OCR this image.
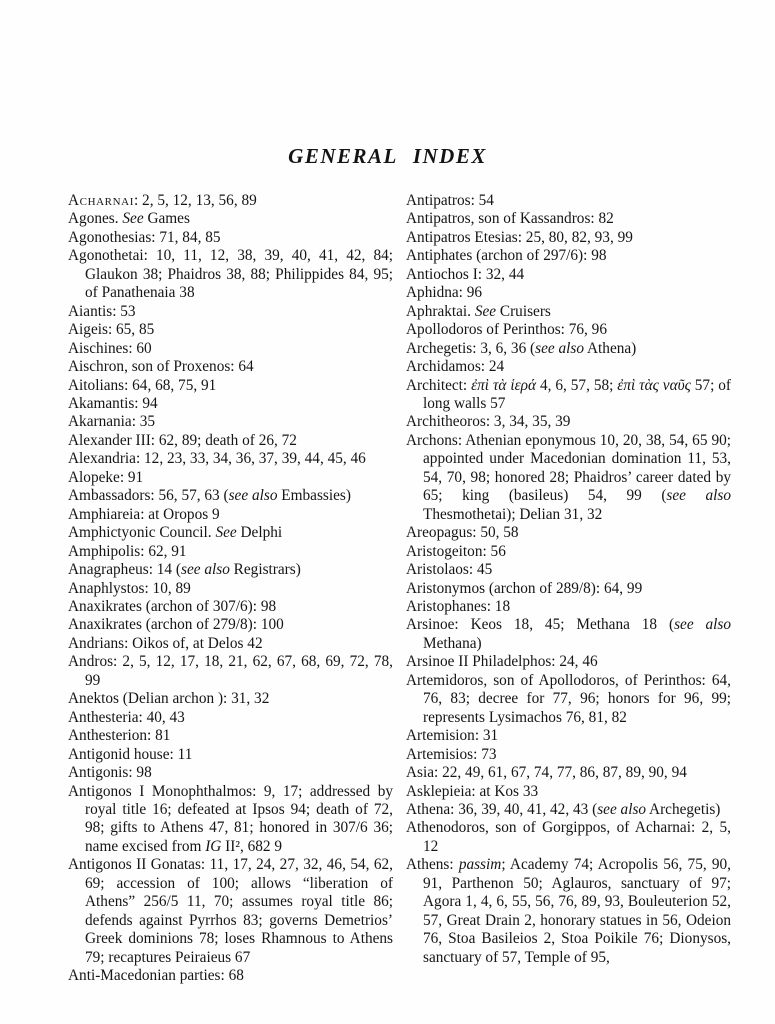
GENERAL INDEX

Acharnai: 2, 5, 12, 13, 56, 89

Agones. See Games

Agonothesias: 71, 84, 85

Agonothetai: 10, 11, 12, 38, 39, 40, 41, 42, 84; Glaukon 38; Phaidros 38, 88; Philippides 84, 95; of Panathenaia 38

Aiantis: 53

Aigeis: 65, 85

Aischines: 60

Aischron, son of Proxenos: 64

Aitolians: 64, 68, 75, 91

Akamantis: 94

Akarnania: 35

Alexander III: 62, 89; death of 26, 72

Alexandria: 12, 23, 33, 34, 36, 37, 39, 44, 45, 46

Alopeke: 91

Ambassadors: 56, 57, 63 (see also Embassies)

Amphiareia: at Oropos 9

Amphictyonic Council. See Delphi

Amphipolis: 62, 91

Anagrapheus: 14 (see also Registrars)

Anaphlystos: 10, 89

Anaxikrates (archon of 307/6): 98

Anaxikrates (archon of 279/8): 100

Andrians: Oikos of, at Delos 42

Andros: 2, 5, 12, 17, 18, 21, 62, 67, 68, 69, 72, 78, 99

Anektos (Delian archon ): 31, 32

Anthesteria: 40, 43

Anthesterion: 81

Antigonid house: 11

Antigonis: 98

Antigonos I Monophthalmos: 9, 17; addressed by royal title 16; defeated at Ipsos 94; death of 72, 98; gifts to Athens 47, 81; honored in 307/6 36; name excised from IG II², 682 9

Antigonos II Gonatas: 11, 17, 24, 27, 32, 46, 54, 62, 69; accession of 100; allows “liberation of Athens” 256/5 11, 70; assumes royal title 86; defends against Pyrrhos 83; governs Demetrios’ Greek dominions 78; loses Rhamnous to Athens 79; recaptures Peiraieus 67

Anti-Macedonian parties: 68

Antipatros: 54

Antipatros, son of Kassandros: 82

Antipatros Etesias: 25, 80, 82, 93, 99

Antiphates (archon of 297/6): 98

Antiochos I: 32, 44

Aphidna: 96

Aphraktai. See Cruisers

Apollodoros of Perinthos: 76, 96

Archegetis: 3, 6, 36 (see also Athena)

Archidamos: 24

Architect: ἐπὶ τὰ ἱερά 4, 6, 57, 58; ἐπὶ τὰς ναῦς 57; of long walls 57

Architheoros: 3, 34, 35, 39

Archons: Athenian eponymous 10, 20, 38, 54, 65 90; appointed under Macedonian domination 11, 53, 54, 70, 98; honored 28; Phaidros’ career dated by 65; king (basileus) 54, 99 (see also Thesmothetai); Delian 31, 32

Areopagus: 50, 58

Aristogeiton: 56

Aristolaos: 45

Aristonymos (archon of 289/8): 64, 99

Aristophanes: 18

Arsinoe: Keos 18, 45; Methana 18 (see also Methana)

Arsinoe II Philadelphos: 24, 46

Artemidoros, son of Apollodoros, of Perinthos: 64, 76, 83; decree for 77, 96; honors for 96, 99; represents Lysimachos 76, 81, 82

Artemision: 31

Artemisios: 73

Asia: 22, 49, 61, 67, 74, 77, 86, 87, 89, 90, 94

Asklepieia: at Kos 33

Athena: 36, 39, 40, 41, 42, 43 (see also Archegetis)

Athenodoros, son of Gorgippos, of Acharnai: 2, 5, 12

Athens: passim; Academy 74; Acropolis 56, 75, 90, 91, Parthenon 50; Aglauros, sanctuary of 97; Agora 1, 4, 6, 55, 56, 76, 89, 93, Bouleuterion 52, 57, Great Drain 2, honorary statues in 56, Odeion 76, Stoa Basileios 2, Stoa Poikile 76; Dionysos, sanctuary of 57, Temple of 95,
